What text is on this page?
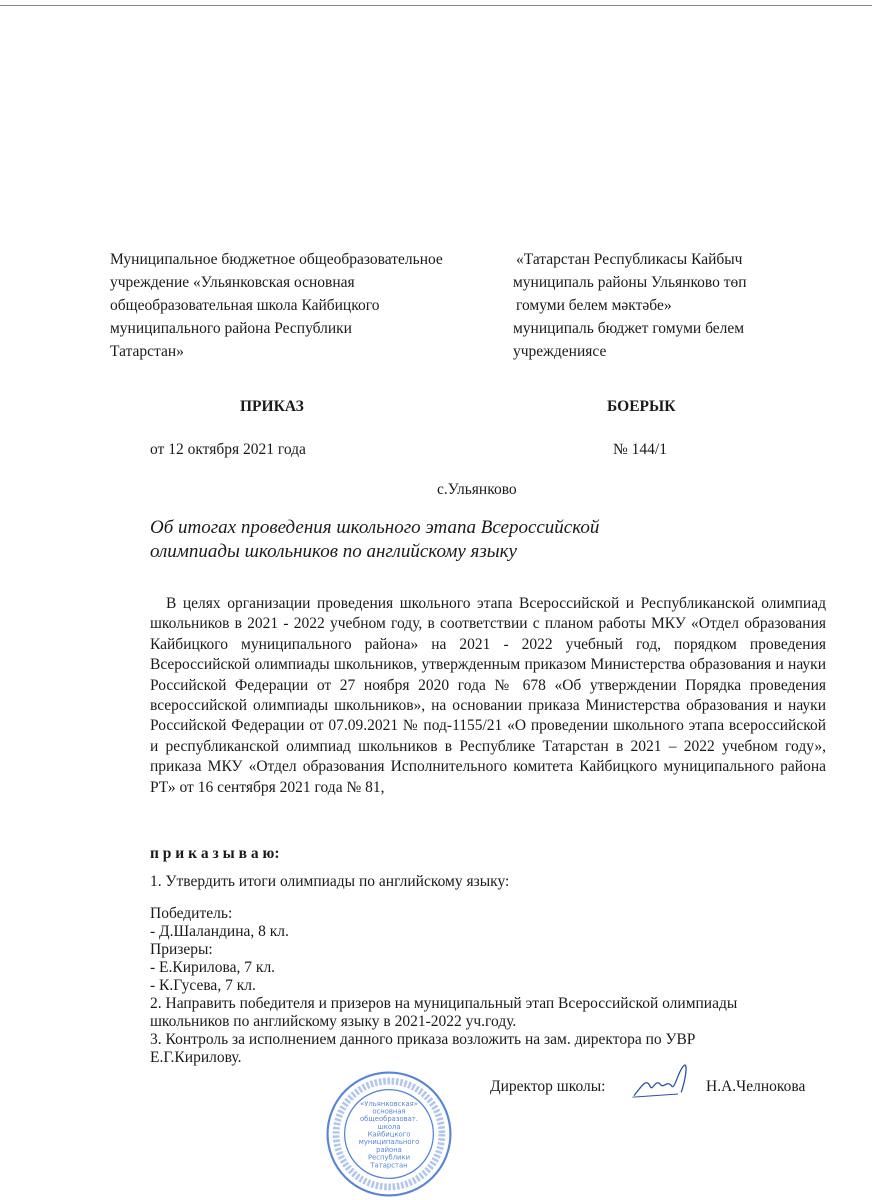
Муниципальное бюджетное общеобразовательное
учреждение «Ульянковская основная
общеобразовательная школа Кайбицкого
муниципального района Республики
Татарстан»
«Татарстан Республикасы Кайбыч
муниципаль районы Ульянково төп
гомуми белем мәктәбе»
муниципаль бюджет гомуми белем
учреждениясе
ПРИКАЗ	БОЕРЫК
от 12 октября 2021 года	№ 144/1
с.Ульянково
Об итогах проведения школьного этапа Всероссийской
олимпиады школьников по английскому языку
В целях организации проведения школьного этапа Всероссийской и Республиканской олимпиад школьников в 2021 - 2022 учебном году, в соответствии с планом работы МКУ «Отдел образования Кайбицкого муниципального района» на 2021 - 2022 учебный год, порядком проведения Всероссийской олимпиады школьников, утвержденным приказом Министерства образования и науки Российской Федерации от 27 ноября 2020 года № 678 «Об утверждении Порядка проведения всероссийской олимпиады школьников», на основании приказа Министерства образования и науки Российской Федерации от 07.09.2021 № под-1155/21 «О проведении школьного этапа всероссийской и республиканской олимпиад школьников в Республике Татарстан в 2021 – 2022 учебном году», приказа МКУ «Отдел образования Исполнительного комитета Кайбицкого муниципального района РТ» от 16 сентября 2021 года № 81,
п р и к а з ы в а ю:
1. Утвердить итоги олимпиады по английскому языку:
Победитель:
- Д.Шаландина, 8 кл.
Призеры:
- Е.Кирилова, 7 кл.
- К.Гусева, 7 кл.
2. Направить победителя и призеров на муниципальный этап Всероссийской олимпиады
школьников по английскому языку в 2021-2022 уч.году.
3. Контроль за исполнением данного приказа возложить на зам. директора по УВР
Е.Г.Кирилову.
«Ульянковская»
основная
общеобразоват.
школа
Кайбицкого
муниципального
района
Республики
Татарстан
Директор школы:	Н.А.Челнокова
